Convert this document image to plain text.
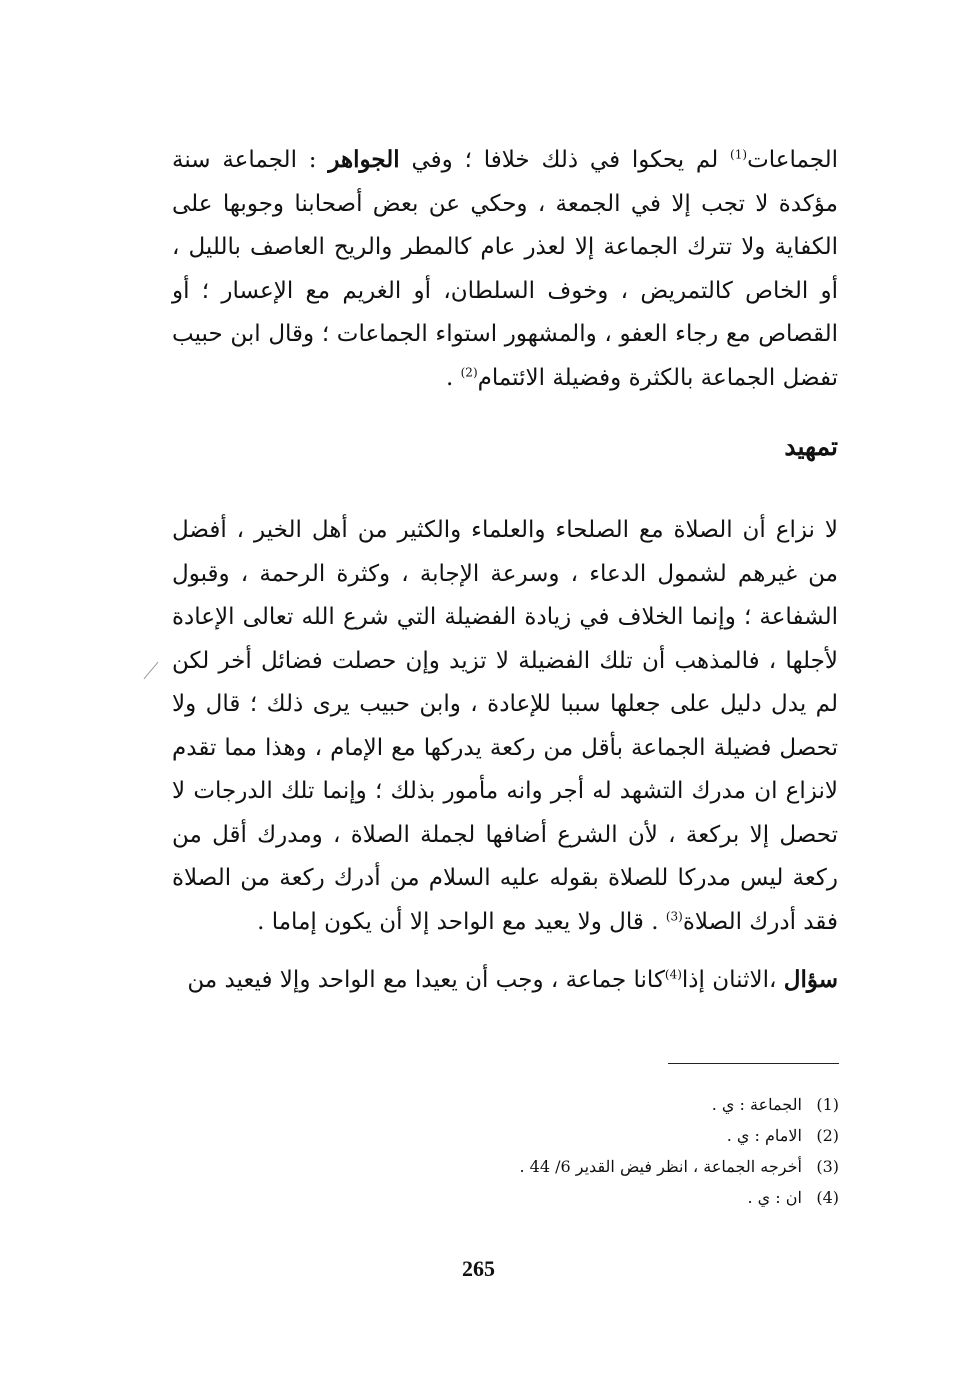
الجماعات$^{(1)}$ لم يحكوا في ذلك خلافا ؛ وفي الجواهر : الجماعة سنة مؤكدة لا تجب إلا في الجمعة ، وحكي عن بعض أصحابنا وجوبها على الكفاية ولا تترك الجماعة إلا لعذر عام كالمطر والريح العاصف بالليل ، أو الخاص كالتمريض ، وخوف السلطان، أو الغريم مع الإعسار ؛ أو القصاص مع رجاء العفو ، والمشهور استواء الجماعات ؛ وقال ابن حبيب تفضل الجماعة بالكثرة وفضيلة الائتمام$^{(2)}$ .
تمهيد
لا نزاع أن الصلاة مع الصلحاء والعلماء والكثير من أهل الخير ، أفضل من غيرهم لشمول الدعاء ، وسرعة الإجابة ، وكثرة الرحمة ، وقبول الشفاعة ؛ وإنما الخلاف في زيادة الفضيلة التي شرع الله تعالى الإعادة لأجلها ، فالمذهب أن تلك الفضيلة لا تزيد وإن حصلت فضائل أخر لكن لم يدل دليل على جعلها سببا للإعادة ، وابن حبيب يرى ذلك ؛ قال ولا تحصل فضيلة الجماعة بأقل من ركعة يدركها مع الإمام ، وهذا مما تقدم لانزاع ان مدرك التشهد له أجر وانه مأمور بذلك ؛ وإنما تلك الدرجات لا تحصل إلا بركعة ، لأن الشرع أضافها لجملة الصلاة ، ومدرك أقل من ركعة ليس مدركا للصلاة بقوله عليه السلام من أدرك ركعة من الصلاة فقد أدرك الصلاة$^{(3)}$ . قال ولا يعيد مع الواحد إلا أن يكون إماما .
سؤال ،الاثنان إذا$^{(4)}$كانا جماعة ، وجب أن يعيدا مع الواحد وإلا فيعيد من
(1) الجماعة : ي .
(2) الامام : ي .
(3) أخرجه الجماعة ، انظر فيض القدير 6/ 44 .
(4) ان : ي .
265
